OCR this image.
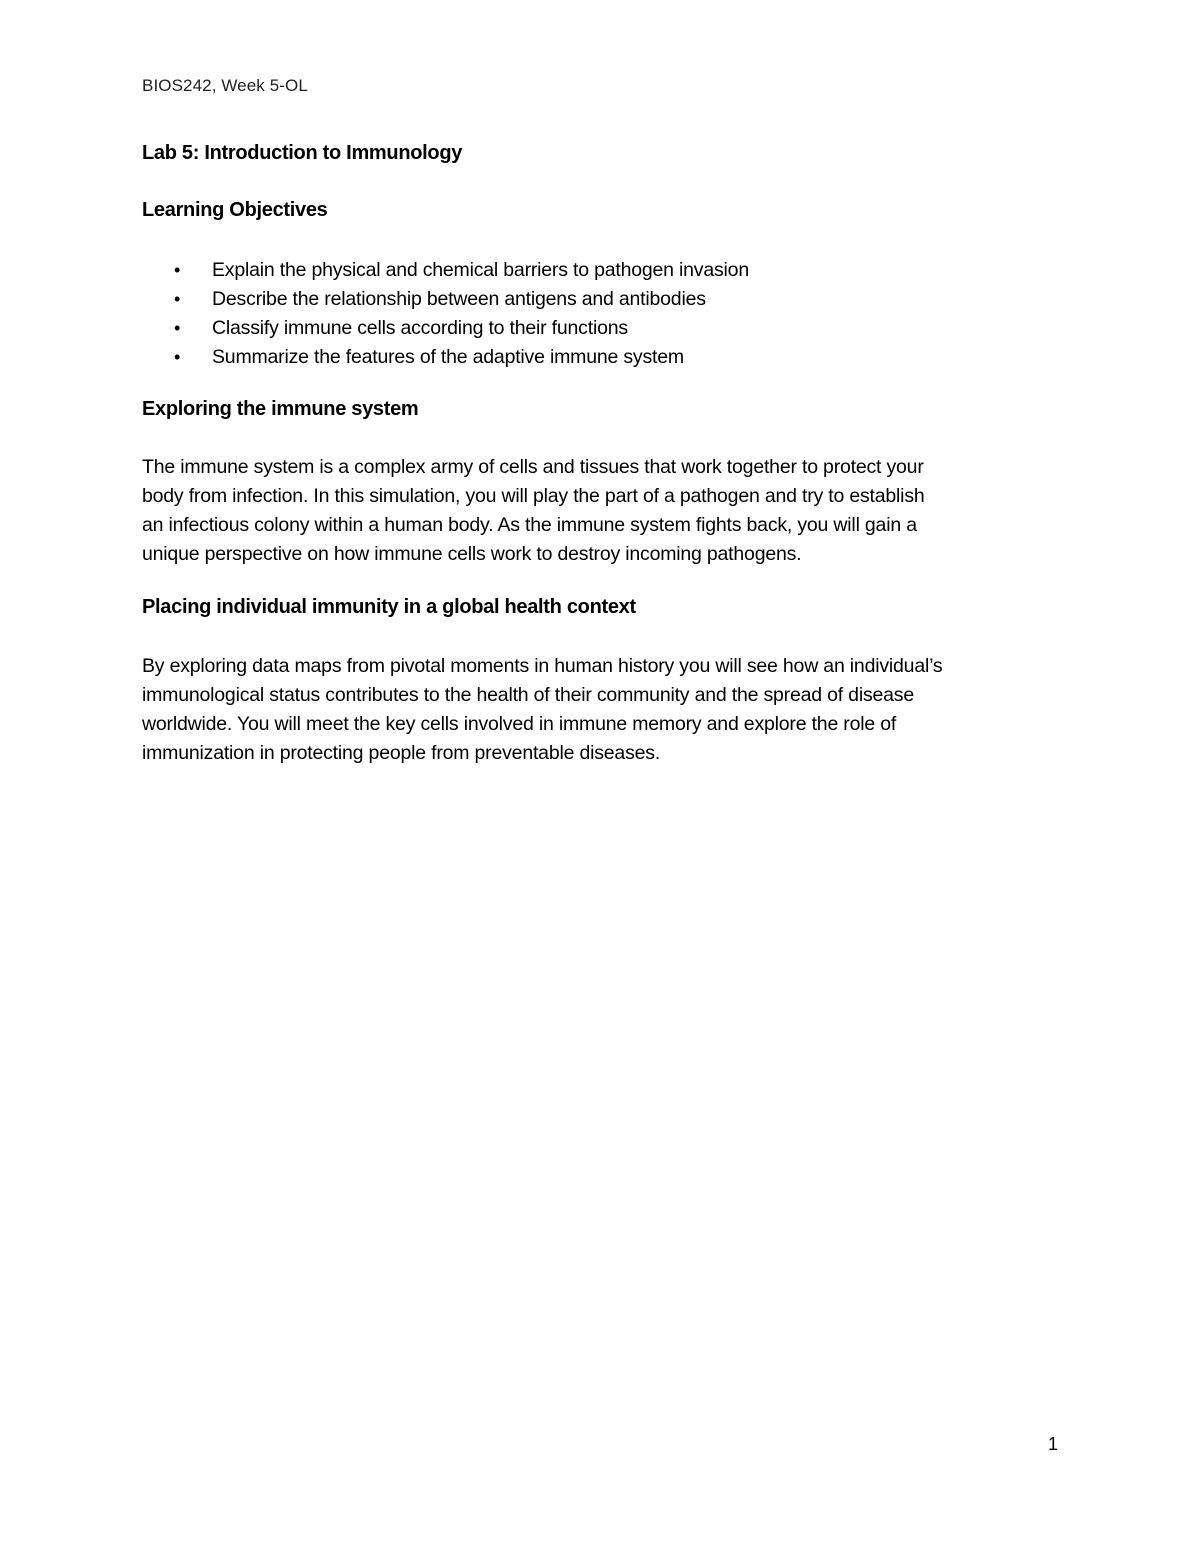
BIOS242, Week 5-OL
Lab 5: Introduction to Immunology
Learning Objectives
• Explain the physical and chemical barriers to pathogen invasion
• Describe the relationship between antigens and antibodies
• Classify immune cells according to their functions
• Summarize the features of the adaptive immune system
Exploring the immune system

The immune system is a complex army of cells and tissues that work together to protect your
body from infection. In this simulation, you will play the part of a pathogen and try to establish
an infectious colony within a human body. As the immune system fights back, you will gain a
unique perspective on how immune cells work to destroy incoming pathogens.

Placing individual immunity in a global health context

By exploring data maps from pivotal moments in human history you will see how an individual’s
immunological status contributes to the health of their community and the spread of disease
worldwide. You will meet the key cells involved in immune memory and explore the role of
immunization in protecting people from preventable diseases.

1
